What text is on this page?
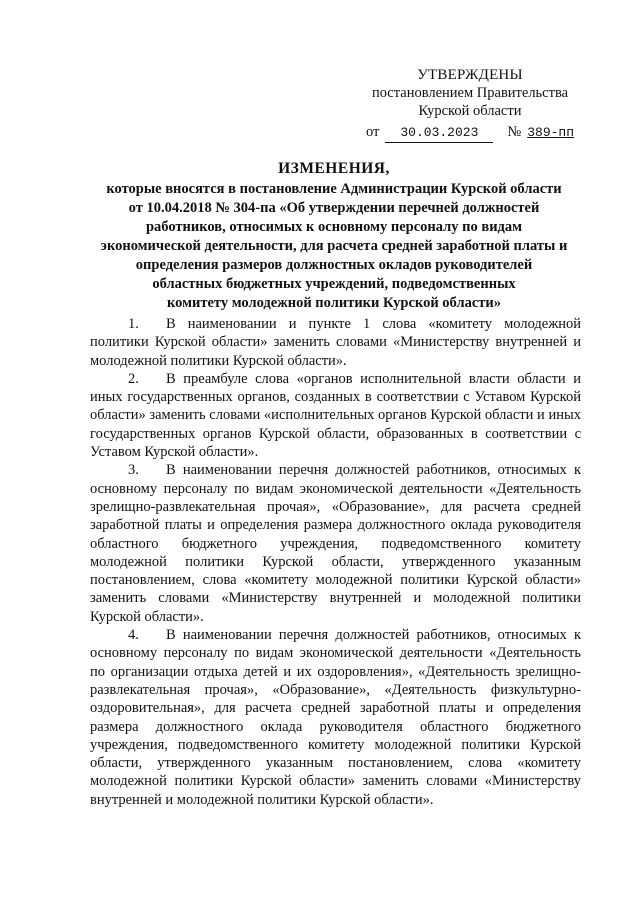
УТВЕРЖДЕНЫ
постановлением Правительства
Курской области
от	30.03.2023	№ 389-пп
ИЗМЕНЕНИЯ,
которые вносятся в постановление Администрации Курской области
от 10.04.2018 № 304-па «Об утверждении перечней должностей
работников, относимых к основному персоналу по видам
экономической деятельности, для расчета средней заработной платы и
определения размеров должностных окладов руководителей
областных бюджетных учреждений, подведомственных
комитету молодежной политики Курской области»

1. В наименовании и пункте 1 слова «комитету молодежной политики Курской области» заменить словами «Министерству внутренней и молодежной политики Курской области».

2. В преамбуле слова «органов исполнительной власти области и иных государственных органов, созданных в соответствии с Уставом Курской области» заменить словами «исполнительных органов Курской области и иных государственных органов Курской области, образованных в соответствии с Уставом Курской области».

3. В наименовании перечня должностей работников, относимых к основному персоналу по видам экономической деятельности «Деятельность зрелищно-развлекательная прочая», «Образование», для расчета средней заработной платы и определения размера должностного оклада руководителя областного бюджетного учреждения, подведомственного комитету молодежной политики Курской области, утвержденного указанным постановлением, слова «комитету молодежной политики Курской области» заменить словами «Министерству внутренней и молодежной политики Курской области».

4. В наименовании перечня должностей работников, относимых к основному персоналу по видам экономической деятельности «Деятельность по организации отдыха детей и их оздоровления», «Деятельность зрелищно-развлекательная прочая», «Образование», «Деятельность физкультурно-оздоровительная», для расчета средней заработной платы и определения размера должностного оклада руководителя областного бюджетного учреждения, подведомственного комитету молодежной политики Курской области, утвержденного указанным постановлением, слова «комитету молодежной политики Курской области» заменить словами «Министерству внутренней и молодежной политики Курской области».
